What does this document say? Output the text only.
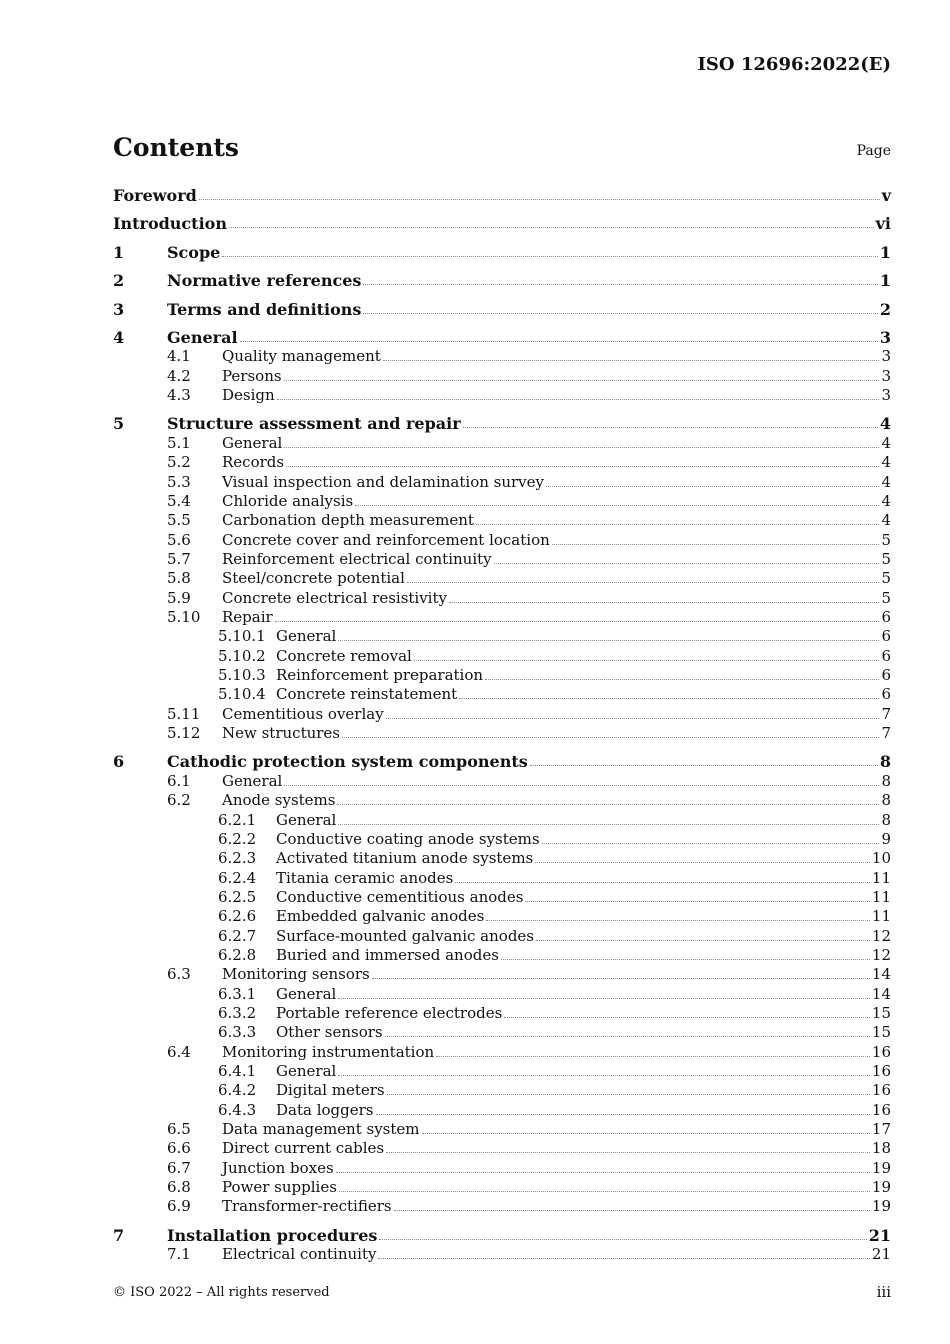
ISO 12696:2022(E)
Contents	Page
Foreword	v
Introduction	vi
1	Scope	1
2	Normative references	1
3	Terms and definitions	2
4	General	3
4.1	Quality management	3
4.2	Persons	3
4.3	Design	3
5	Structure assessment and repair	4
5.1	General	4
5.2	Records	4
5.3	Visual inspection and delamination survey	4
5.4	Chloride analysis	4
5.5	Carbonation depth measurement	4
5.6	Concrete cover and reinforcement location	5
5.7	Reinforcement electrical continuity	5
5.8	Steel/concrete potential	5
5.9	Concrete electrical resistivity	5
5.10	Repair	6
5.10.1 General	6
5.10.2 Concrete removal	6
5.10.3 Reinforcement preparation	6
5.10.4 Concrete reinstatement	6
5.11	Cementitious overlay	7
5.12	New structures	7
6	Cathodic protection system components	8
6.1	General	8
6.2	Anode systems	8
6.2.1	General	8
6.2.2	Conductive coating anode systems	9
6.2.3	Activated titanium anode systems	10
6.2.4	Titania ceramic anodes	11
6.2.5	Conductive cementitious anodes	11
6.2.6	Embedded galvanic anodes	11
6.2.7	Surface-mounted galvanic anodes	12
6.2.8	Buried and immersed anodes	12
6.3	Monitoring sensors	14
6.3.1	General	14
6.3.2	Portable reference electrodes	15
6.3.3	Other sensors	15
6.4	Monitoring instrumentation	16
6.4.1	General	16
6.4.2	Digital meters	16
6.4.3	Data loggers	16
6.5	Data management system	17
6.6	Direct current cables	18
6.7	Junction boxes	19
6.8	Power supplies	19
6.9	Transformer-rectifiers	19
7	Installation procedures	21
7.1	Electrical continuity	21
© ISO 2022 – All rights reserved	iii
